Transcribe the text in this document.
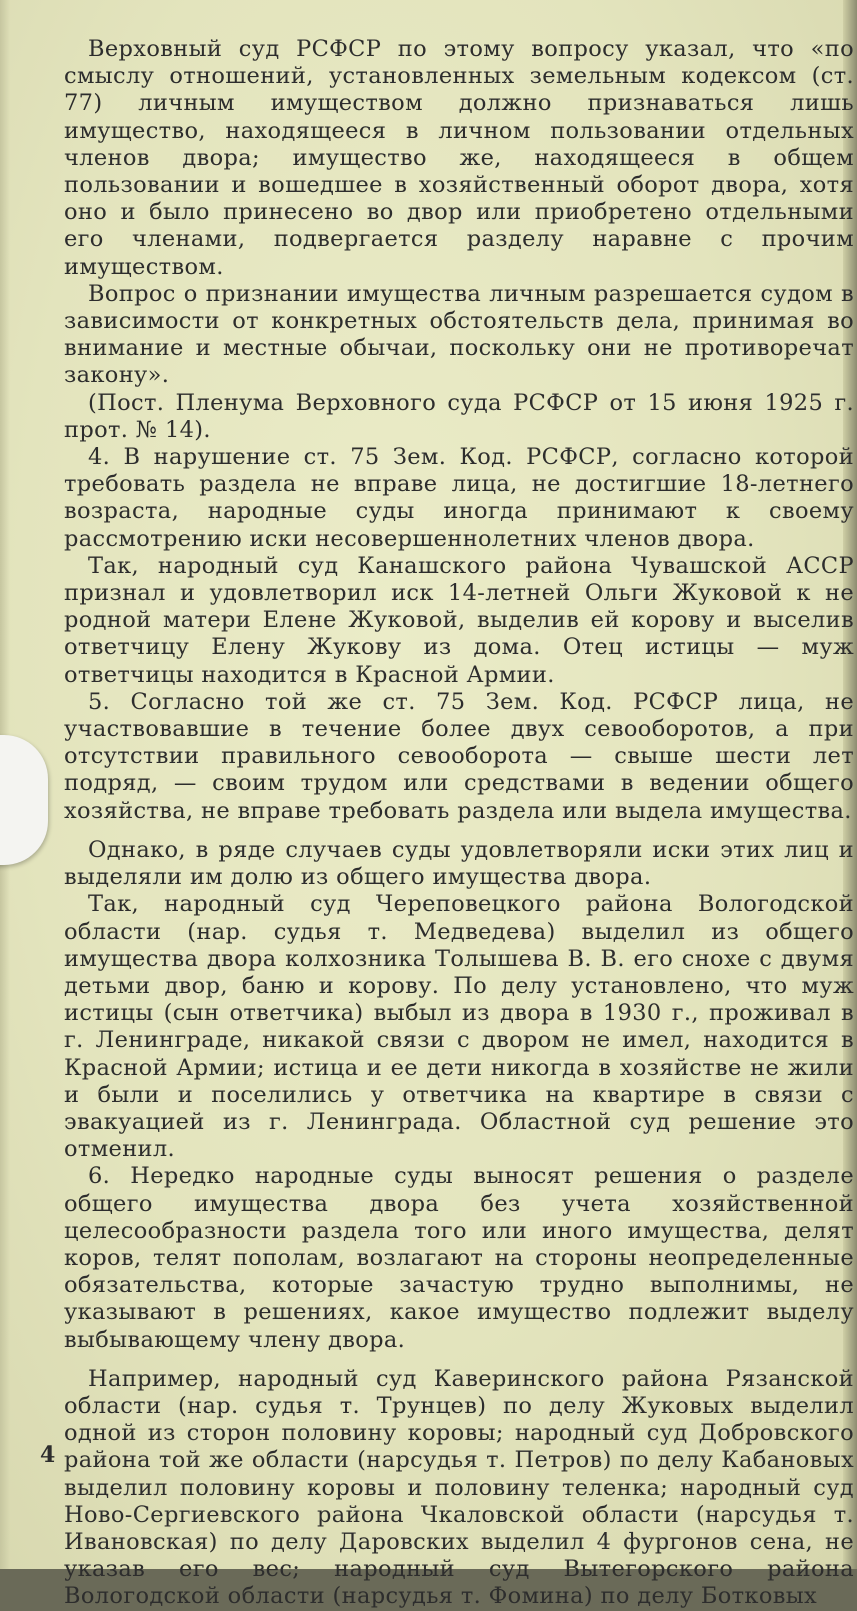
Верховный суд РСФСР по этому вопросу указал, что «по смыслу отношений, установленных земельным кодексом (ст. 77) личным имуществом должно признаваться лишь имущество, находящееся в личном пользовании отдельных членов двора; имущество же, находящееся в общем пользовании и вошедшее в хозяйственный оборот двора, хотя оно и было принесено во двор или приобретено отдельными его членами, подвергается разделу наравне с прочим имуществом.

Вопрос о признании имущества личным разрешается судом в зависимости от конкретных обстоятельств дела, принимая во внимание и местные обычаи, поскольку они не противоречат закону».

(Пост. Пленума Верховного суда РСФСР от 15 июня 1925 г. прот. № 14).

4. В нарушение ст. 75 Зем. Код. РСФСР, согласно которой требовать раздела не вправе лица, не достигшие 18-летнего возраста, народные суды иногда принимают к своему рассмотрению иски несовершеннолетних членов двора.

Так, народный суд Канашского района Чувашской АССР признал и удовлетворил иск 14-летней Ольги Жуковой к не родной матери Елене Жуковой, выделив ей корову и выселив ответчицу Елену Жукову из дома. Отец истицы — муж ответчицы находится в Красной Армии.

5. Согласно той же ст. 75 Зем. Код. РСФСР лица, не участвовавшие в течение более двух севооборотов, а при отсутствии правильного севооборота — свыше шести лет подряд, — своим трудом или средствами в ведении общего хозяйства, не вправе требовать раздела или выдела имущества.

Однако, в ряде случаев суды удовлетворяли иски этих лиц и выделяли им долю из общего имущества двора.

Так, народный суд Череповецкого района Вологодской области (нар. судья т. Медведева) выделил из общего имущества двора колхозника Толышева В. В. его снохе с двумя детьми двор, баню и корову. По делу установлено, что муж истицы (сын ответчика) выбыл из двора в 1930 г., проживал в г. Ленинграде, никакой связи с двором не имел, находится в Красной Армии; истица и ее дети никогда в хозяйстве не жили и были и поселились у ответчика на квартире в связи с эвакуацией из г. Ленинграда. Областной суд решение это отменил.

6. Нередко народные суды выносят решения о разделе общего имущества двора без учета хозяйственной целесообразности раздела того или иного имущества, делят коров, телят пополам, возлагают на стороны неопределенные обязательства, которые зачастую трудно выполнимы, не указывают в решениях, какое имущество подлежит выделу выбывающему члену двора.

Например, народный суд Каверинского района Рязанской области (нар. судья т. Трунцев) по делу Жуковых выделил одной из сторон половину коровы; народный суд Добровского района той же области (нарсудья т. Петров) по делу Кабановых выделил половину коровы и половину теленка; народный суд Ново-Сергиевского района Чкаловской области (нарсудья т. Ивановская) по делу Даровских выделил 4 фургонов сена, не указав его вес; народный суд Вытегорского района Вологодской области (нарсудья т. Фомина) по делу Ботковых

4
